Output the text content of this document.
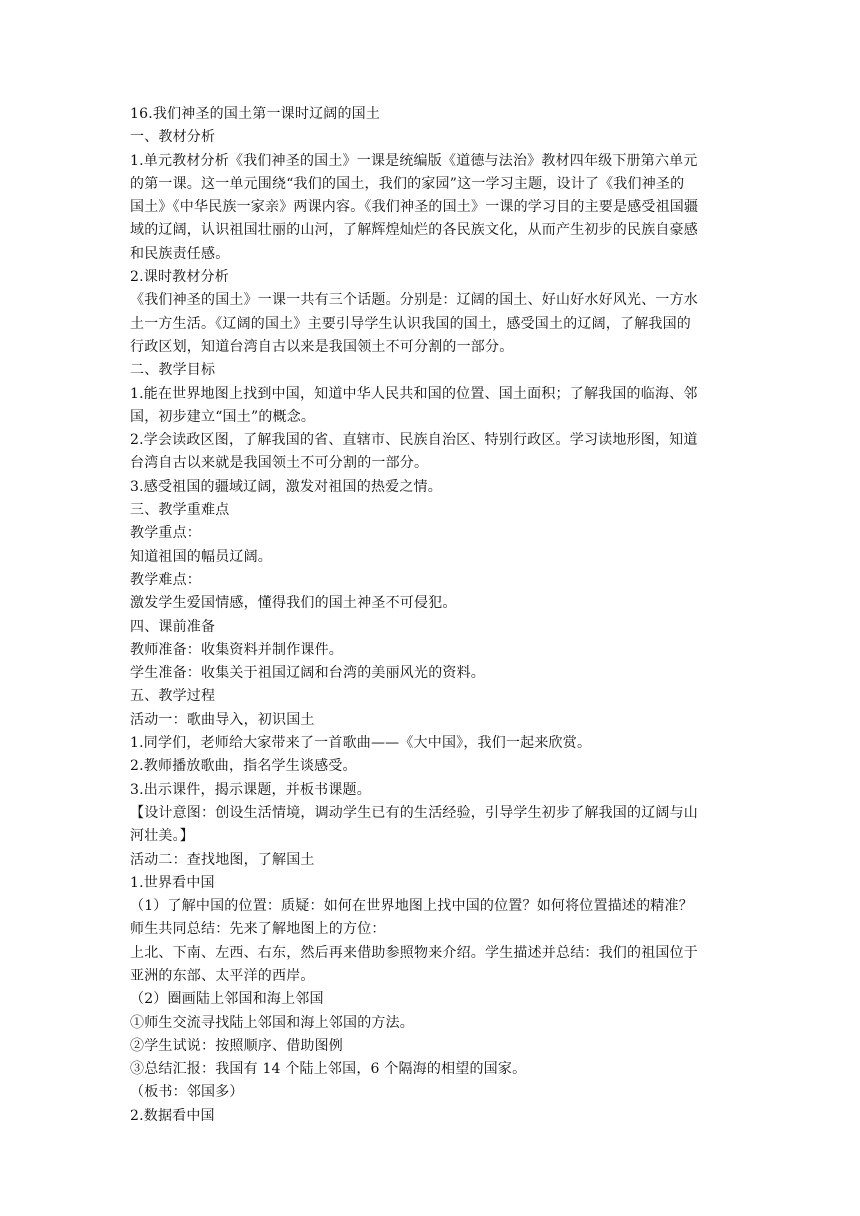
16.我们神圣的国土第一课时辽阔的国土
一、教材分析
1.单元教材分析《我们神圣的国土》一课是统编版《道德与法治》教材四年级下册第六单元
的第一课。这一单元围绕“我们的国土，我们的家园”这一学习主题，设计了《我们神圣的
国土》《中华民族一家亲》两课内容。《我们神圣的国土》一课的学习目的主要是感受祖国疆
域的辽阔，认识祖国壮丽的山河，了解辉煌灿烂的各民族文化，从而产生初步的民族自豪感
和民族责任感。
2.课时教材分析
《我们神圣的国土》一课一共有三个话题。分别是：辽阔的国土、好山好水好风光、一方水
土一方生活。《辽阔的国土》主要引导学生认识我国的国土，感受国土的辽阔，了解我国的
行政区划，知道台湾自古以来是我国领土不可分割的一部分。
二、教学目标
1.能在世界地图上找到中国，知道中华人民共和国的位置、国土面积；了解我国的临海、邻
国，初步建立“国土”的概念。
2.学会读政区图，了解我国的省、直辖市、民族自治区、特别行政区。学习读地形图，知道
台湾自古以来就是我国领土不可分割的一部分。
3.感受祖国的疆域辽阔，激发对祖国的热爱之情。
三、教学重难点
教学重点：
知道祖国的幅员辽阔。
教学难点：
激发学生爱国情感，懂得我们的国土神圣不可侵犯。
四、课前准备
教师准备：收集资料并制作课件。
学生准备：收集关于祖国辽阔和台湾的美丽风光的资料。
五、教学过程
活动一：歌曲导入，初识国土
1.同学们，老师给大家带来了一首歌曲——《大中国》，我们一起来欣赏。
2.教师播放歌曲，指名学生谈感受。
3.出示课件，揭示课题，并板书课题。
【设计意图：创设生活情境，调动学生已有的生活经验，引导学生初步了解我国的辽阔与山
河壮美。】
活动二：查找地图，了解国土
1.世界看中国
（1）了解中国的位置：质疑：如何在世界地图上找中国的位置？如何将位置描述的精准？
师生共同总结：先来了解地图上的方位：
上北、下南、左西、右东，然后再来借助参照物来介绍。学生描述并总结：我们的祖国位于
亚洲的东部、太平洋的西岸。
（2）圈画陆上邻国和海上邻国
①师生交流寻找陆上邻国和海上邻国的方法。
②学生试说：按照顺序、借助图例
③总结汇报：我国有 14 个陆上邻国，6 个隔海的相望的国家。
（板书：邻国多）
2.数据看中国
